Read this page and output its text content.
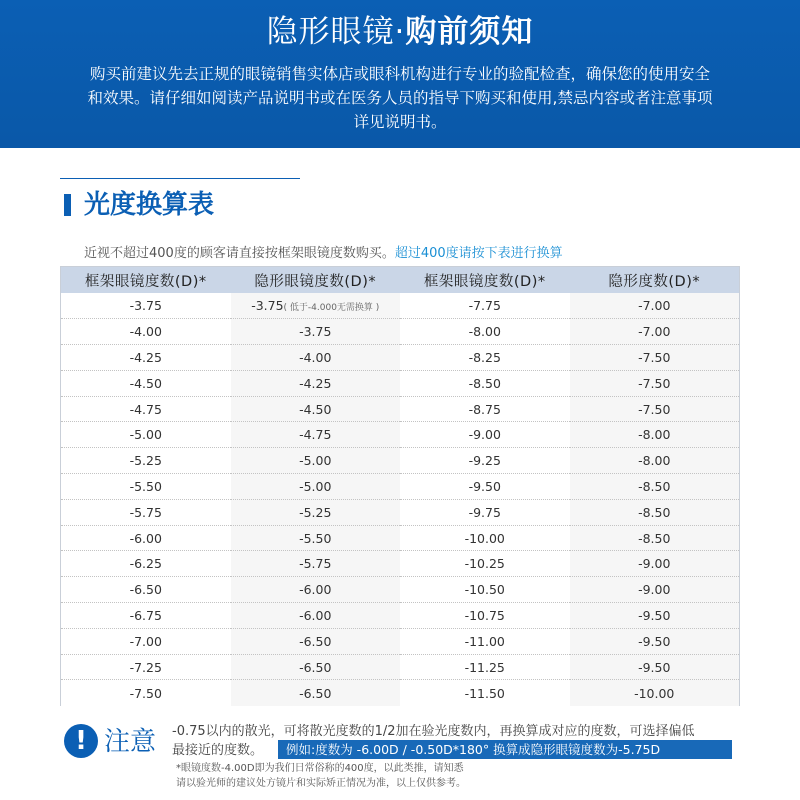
隐形眼镜·购前须知
购买前建议先去正规的眼镜销售实体店或眼科机构进行专业的验配检查，确保您的使用安全
和效果。请仔细如阅读产品说明书或在医务人员的指导下购买和使用,禁忌内容或者注意事项
详见说明书。
光度换算表
近视不超过400度的顾客请直接按框架眼镜度数购买。超过400度请按下表进行换算
框架眼镜度数(D)*	隐形眼镜度数(D)*	框架眼镜度数(D)*	隐形度数(D)*
-3.75	-3.75( 低于-4.000无需换算 )	-7.75	-7.00
-4.00	-3.75	-8.00	-7.00
-4.25	-4.00	-8.25	-7.50
-4.50	-4.25	-8.50	-7.50
-4.75	-4.50	-8.75	-7.50
-5.00	-4.75	-9.00	-8.00
-5.25	-5.00	-9.25	-8.00
-5.50	-5.00	-9.50	-8.50
-5.75	-5.25	-9.75	-8.50
-6.00	-5.50	-10.00	-8.50
-6.25	-5.75	-10.25	-9.00
-6.50	-6.00	-10.50	-9.00
-6.75	-6.00	-10.75	-9.50
-7.00	-6.50	-11.00	-9.50
-7.25	-6.50	-11.25	-9.50
-7.50	-6.50	-11.50	-10.00
! 注意 -0.75以内的散光，可将散光度数的1/2加在验光度数内，再换算成对应的度数，可选择偏低
最接近的度数。	例如:度数为 -6.00D / -0.50D*180° 换算成隐形眼镜度数为-5.75D
*眼镜度数-4.00D即为我们日常俗称的400度，以此类推，请知悉
请以验光师的建议处方镜片和实际矫正情况为准，以上仅供参考。
